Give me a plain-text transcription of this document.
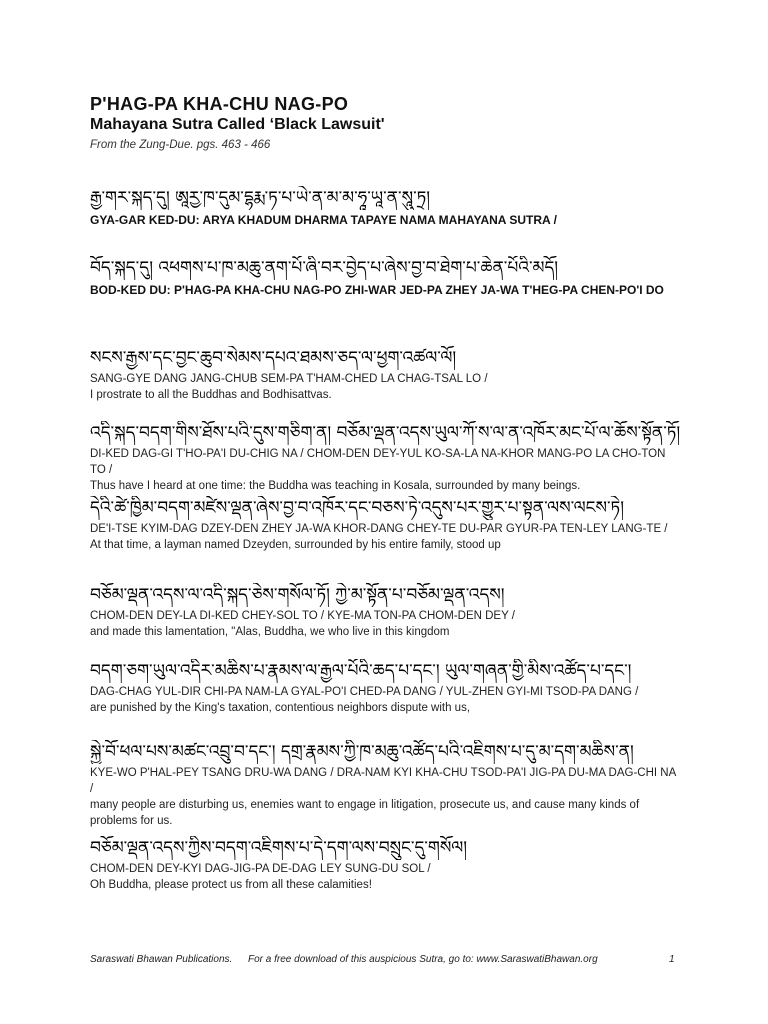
P'HAG-PA KHA-CHU NAG-PO
Mahayana Sutra Called ‘Black Lawsuit'
From the Zung-Due. pgs. 463 - 466
རྒྱ་གར་སྐད་དུ། ཨཱརྱ་ཁ་དུམ་དྷརྨ་ཏ་པ་ཡེ་ན་མ་མ་ཧཱ་ཡཱ་ན་སཱུ་ཏྲ།
GYA-GAR KED-DU: ARYA KHADUM DHARMA TAPAYE NAMA MAHAYANA SUTRA /
བོད་སྐད་དུ། འཕགས་པ་ཁ་མཆུ་ནག་པོ་ཞི་བར་བྱེད་པ་ཞེས་བྱ་བ་ཐེག་པ་ཆེན་པོའི་མདོ།
BOD-KED DU: P'HAG-PA KHA-CHU NAG-PO ZHI-WAR JED-PA ZHEY JA-WA T'HEG-PA CHEN-PO'I DO
སངས་རྒྱས་དང་བྱང་ཆུབ་སེམས་དཔའ་ཐམས་ཅད་ལ་ཕྱག་འཚལ་ལོ།
SANG-GYE DANG JANG-CHUB SEM-PA T'HAM-CHED LA CHAG-TSAL LO /
I prostrate to all the Buddhas and Bodhisattvas.
འདི་སྐད་བདག་གིས་ཐོས་པའི་དུས་གཅིག་ན། བཅོམ་ལྡན་འདས་ཡུལ་ཀོ་ས་ལ་ན་འཁོར་མང་པོ་ལ་ཆོས་སྟོན་ཏོ།
DI-KED DAG-GI T'HO-PA'I DU-CHIG NA / CHOM-DEN DEY-YUL KO-SA-LA NA-KHOR MANG-PO LA CHO-TON TO /
Thus have I heard at one time: the Buddha was teaching in Kosala, surrounded by many beings.
དེའི་ཚེ་ཁྱིམ་བདག་མཛེས་ལྡན་ཞེས་བྱ་བ་འཁོར་དང་བཅས་ཏེ་འདུས་པར་གྱུར་པ་སྟན་ལས་ལངས་ཏེ།
DE'I-TSE KYIM-DAG DZEY-DEN ZHEY JA-WA KHOR-DANG CHEY-TE DU-PAR GYUR-PA TEN-LEY LANG-TE /
At that time, a layman named Dzeyden, surrounded by his entire family, stood up
བཅོམ་ལྡན་འདས་ལ་འདི་སྐད་ཅེས་གསོལ་ཏོ། ཀྱེ་མ་སྟོན་པ་བཅོམ་ལྡན་འདས།
CHOM-DEN DEY-LA DI-KED CHEY-SOL TO / KYE-MA TON-PA CHOM-DEN DEY /
and made this lamentation, "Alas, Buddha, we who live in this kingdom
བདག་ཅག་ཡུལ་འདིར་མཆིས་པ་རྣམས་ལ་རྒྱལ་པོའི་ཆད་པ་དང་། ཡུལ་གཞན་གྱི་མིས་འཚོད་པ་དང་།
DAG-CHAG YUL-DIR CHI-PA NAM-LA GYAL-PO'I CHED-PA DANG / YUL-ZHEN GYI-MI TSOD-PA DANG /
are punished by the King's taxation, contentious neighbors dispute with us,
སྐྱེ་བོ་ཕལ་པས་མཚང་འབྲུ་བ་དང་། དགྲ་རྣམས་ཀྱི་ཁ་མཆུ་འཚོད་པའི་འཇིགས་པ་དུ་མ་དག་མཆིས་ན།
KYE-WO P'HAL-PEY TSANG DRU-WA DANG / DRA-NAM KYI KHA-CHU TSOD-PA'I JIG-PA DU-MA DAG-CHI NA /
many people are disturbing us, enemies want to engage in litigation, prosecute us, and cause many kinds of problems for us.
བཅོམ་ལྡན་འདས་ཀྱིས་བདག་འཇིགས་པ་དེ་དག་ལས་བསྲུང་དུ་གསོལ།
CHOM-DEN DEY-KYI DAG-JIG-PA DE-DAG LEY SUNG-DU SOL /
Oh Buddha, please protect us from all these calamities!
Saraswati Bhawan Publications. For a free download of this auspicious Sutra, go to: www.SaraswatiBhawan.org	1
